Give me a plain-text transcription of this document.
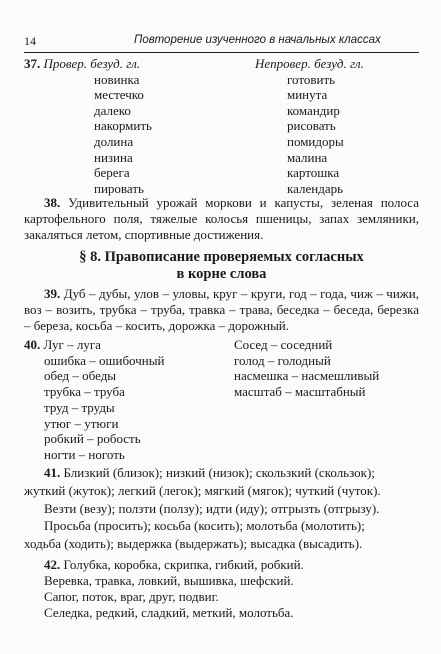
14	Повторение изученного в начальных классах
37. Провер. безуд. гл.
новинка
местечко
далеко
накормить
долина
низина
берега
пировать
Непровер. безуд. гл.
готовить
минута
командир
рисовать
помидоры
малина
картошка
календарь
38. Удивительный урожай моркови и капусты, зеленая полоса картофельного поля, тяжелые колосья пшеницы, запах земляники, закаляться летом, спортивные достижения.
§ 8. Правописание проверяемых согласных
в корне слова
39. Дуб – дубы, улов – уловы, круг – круги, год – года, чиж – чижи, воз – возить, трубка – труба, травка – трава, беседка – беседа, березка – береза, косьба – косить, дорожка – дорожный.
40. Луг – луга
ошибка – ошибочный
обед – обеды
трубка – труба
труд – труды
утюг – утюги
робкий – робость
ногти – ноготь
Сосед – соседний
голод – голодный
насмешка – насмешливый
масштаб – масштабный
41. Близкий (близок); низкий (низок); скользкий (скользок);
жуткий (жуток); легкий (легок); мягкий (мягок); чуткий (чуток).
Везти (везу); ползти (ползу); идти (иду); отгрызть (отгрызу).
Просьба (просить); косьба (косить); молотьба (молотить);
ходьба (ходить); выдержка (выдержать); высадка (высадить).
42. Голубка, коробка, скрипка, гибкий, робкий.
Веревка, травка, ловкий, вышивка, шефский.
Сапог, поток, враг, друг, подвиг.
Селедка, редкий, сладкий, меткий, молотьба.
